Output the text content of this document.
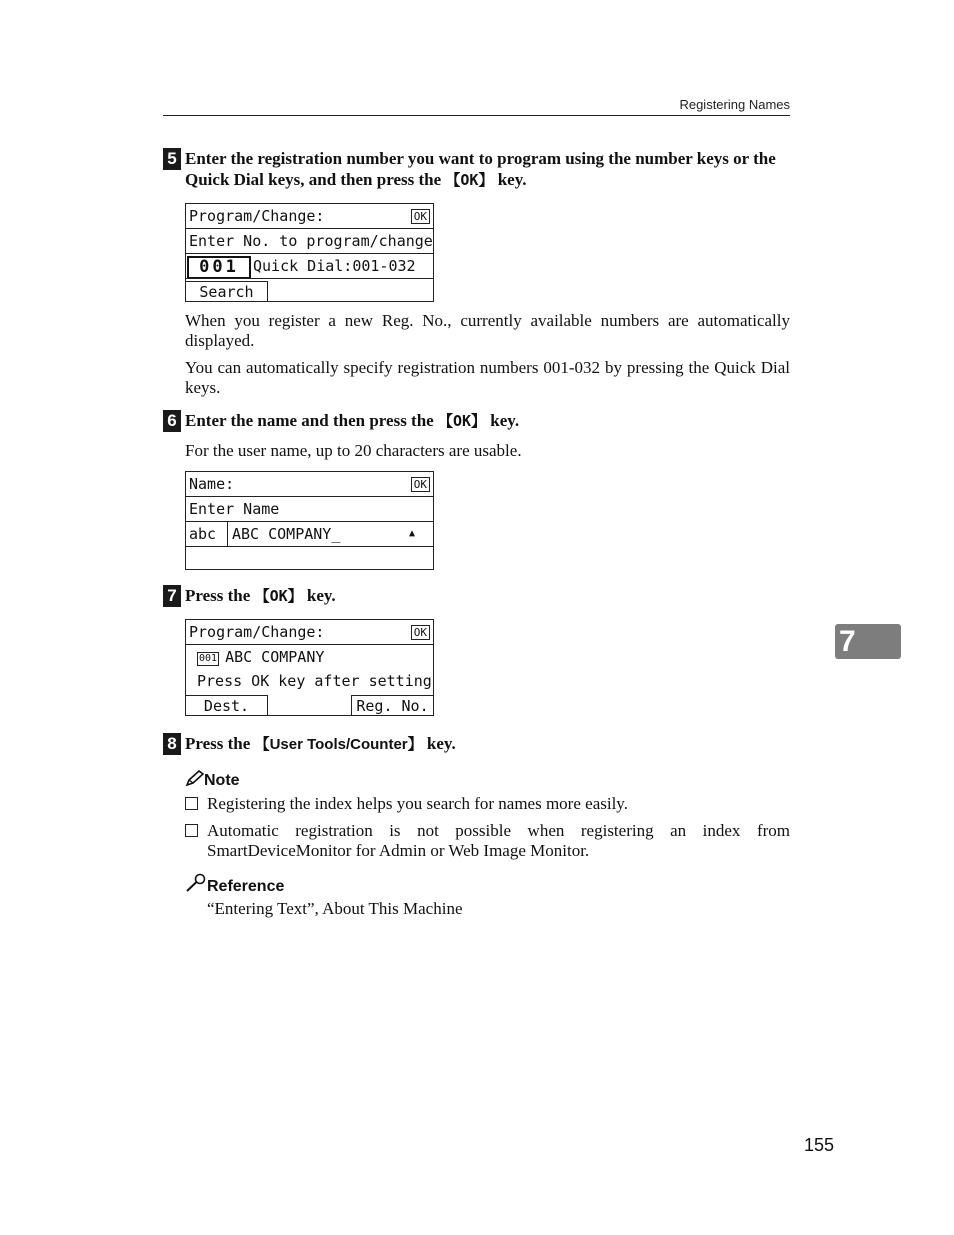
Registering Names
5 Enter the registration number you want to program using the number keys or the Quick Dial keys, and then press the 【OK】 key.
Program/Change:	OK
Enter No. to program/change
001 Quick Dial:001-032
Search
When you register a new Reg. No., currently available numbers are automatically displayed.
You can automatically specify registration numbers 001-032 by pressing the Quick Dial keys.
6 Enter the name and then press the 【OK】 key.
For the user name, up to 20 characters are usable.
Name:	OK
Enter Name
abc	ABC COMPANY_	▲
7 Press the 【OK】 key.
Program/Change:	OK
001 ABC COMPANY
Press OK key after setting
Dest.	Reg. No.
8 Press the 【User Tools/Counter】 key.
Note
Registering the index helps you search for names more easily.
Automatic registration is not possible when registering an index from SmartDeviceMonitor for Admin or Web Image Monitor.
Reference
“Entering Text”, About This Machine
7
155
